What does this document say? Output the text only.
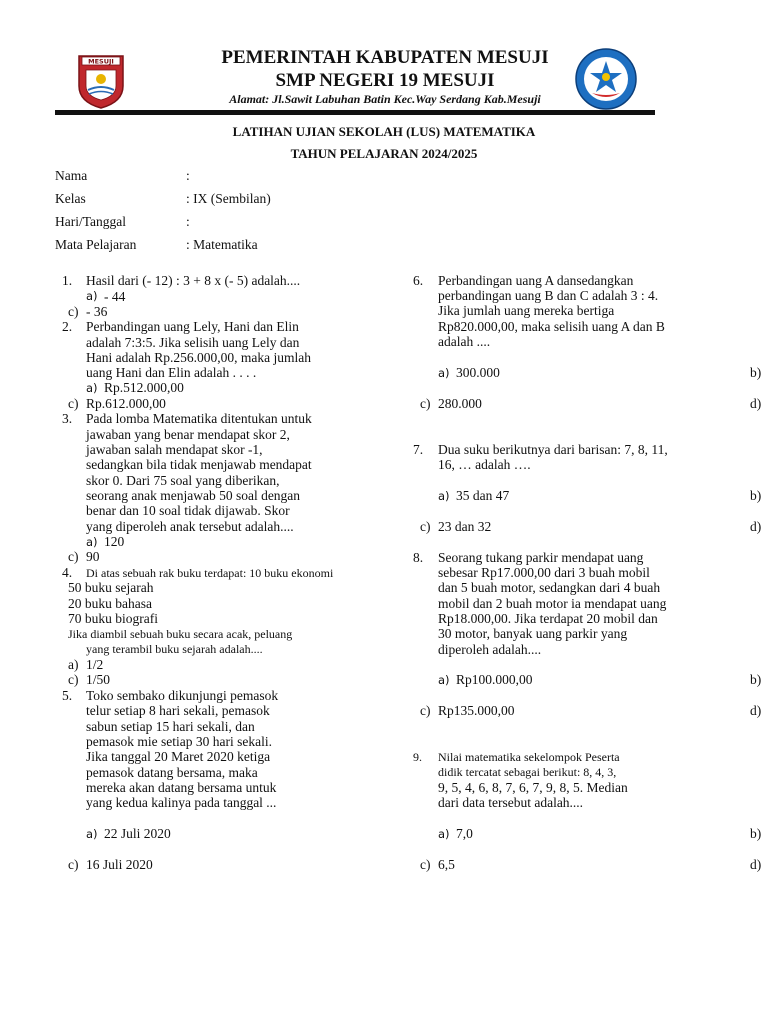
MESUJI	PEMERINTAH KABUPATEN MESUJI
SMP NEGERI 19 MESUJI
Alamat: Jl.Sawit Labuhan Batin Kec.Way Serdang Kab.Mesuji
LATIHAN UJIAN SEKOLAH (LUS) MATEMATIKA
TAHUN PELAJARAN 2024/2025
Nama	:
Kelas	: IX (Sembilan)
Hari/Tanggal	:
Mata Pelajaran	: Matematika
1. Hasil dari (- 12) : 3 + 8 x (- 5) adalah....
a) - 44
c) - 36
2. Perbandingan uang Lely, Hani dan Elin
adalah 7:3:5. Jika selisih uang Lely dan
Hani adalah Rp.256.000,00, maka jumlah
uang Hani dan Elin adalah . . . .
a) Rp.512.000,00
c) Rp.612.000,00
3. Pada lomba Matematika ditentukan untuk
jawaban yang benar mendapat skor 2,
jawaban salah mendapat skor -1,
sedangkan bila tidak menjawab mendapat
skor 0. Dari 75 soal yang diberikan,
seorang anak menjawab 50 soal dengan
benar dan 10 soal tidak dijawab. Skor
yang diperoleh anak tersebut adalah....
a) 120
c) 90
4. Di atas sebuah rak buku terdapat: 10 buku ekonomi
50 buku sejarah
20 buku bahasa
70 buku biografi
Jika diambil sebuah buku secara acak, peluang
yang terambil buku sejarah adalah....
a) 1/2
c) 1/50
5. Toko sembako dikunjungi pemasok
telur setiap 8 hari sekali, pemasok
sabun setiap 15 hari sekali, dan
pemasok mie setiap 30 hari sekali.
Jika tanggal 20 Maret 2020 ketiga
pemasok datang bersama, maka
mereka akan datang bersama untuk
yang kedua kalinya pada tanggal ...
a) 22 Juli 2020
c) 16 Juli 2020
6. Perbandingan uang A dansedangkan
perbandingan uang B dan C adalah 3 : 4.
Jika jumlah uang mereka bertiga
Rp820.000,00, maka selisih uang A dan B
adalah ....
a) 300.000	b)
c) 280.000	d)
7. Dua suku berikutnya dari barisan: 7, 8, 11,
16, … adalah ….
a) 35 dan 47	b)
c) 23 dan 32	d)
8. Seorang tukang parkir mendapat uang
sebesar Rp17.000,00 dari 3 buah mobil
dan 5 buah motor, sedangkan dari 4 buah
mobil dan 2 buah motor ia mendapat uang
Rp18.000,00. Jika terdapat 20 mobil dan
30 motor, banyak uang parkir yang
diperoleh adalah....
a) Rp100.000,00	b)
c) Rp135.000,00	d)
9. Nilai matematika sekelompok Peserta
didik tercatat sebagai berikut: 8, 4, 3,
9, 5, 4, 6, 8, 7, 6, 7, 9, 8, 5. Median
dari data tersebut adalah....
a) 7,0	b)
c) 6,5	d)
